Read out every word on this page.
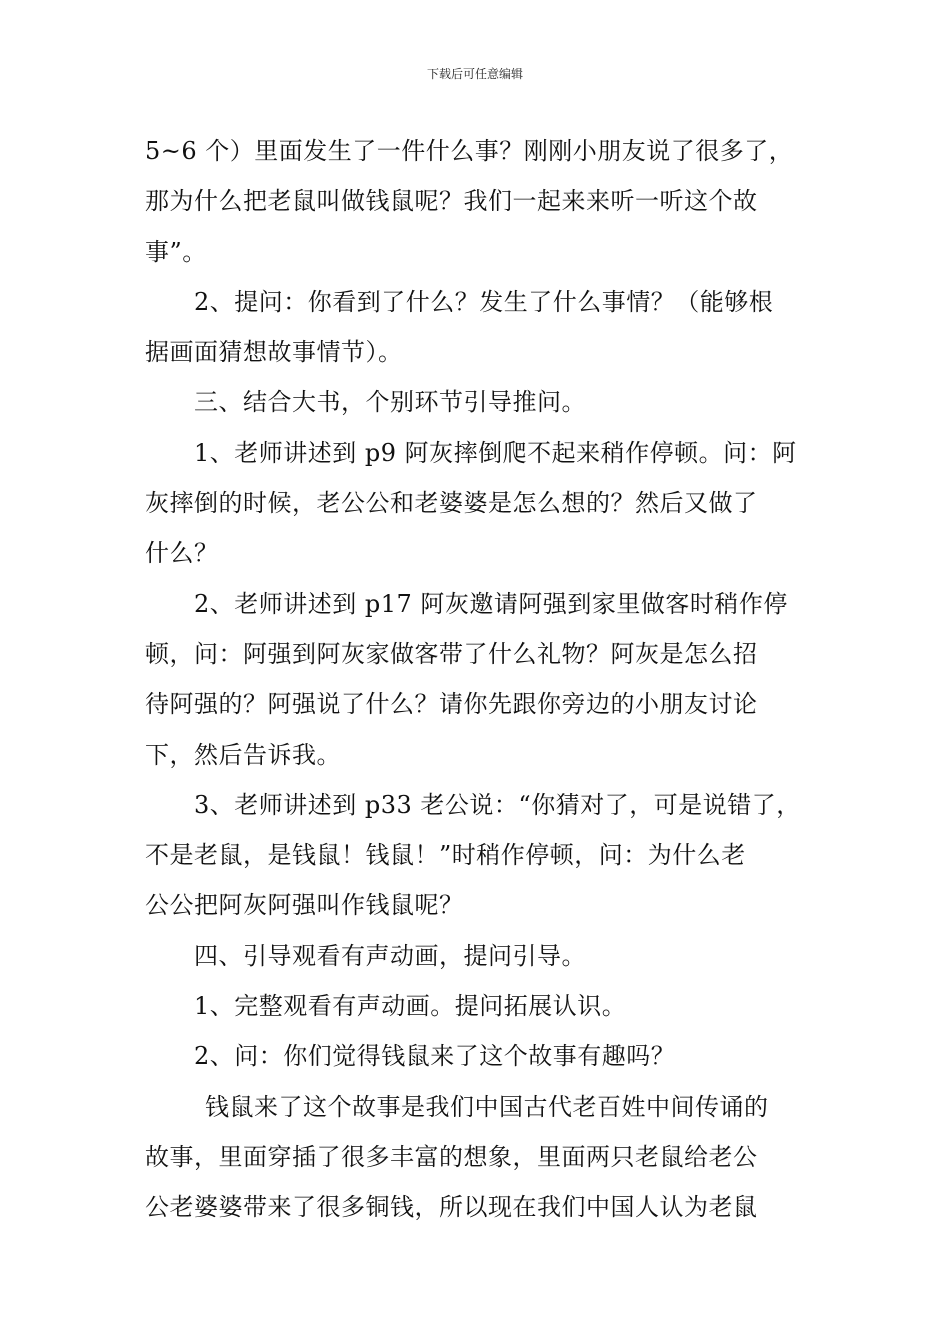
下载后可任意编辑

5~6 个）里面发生了一件什么事？刚刚小朋友说了很多了，
那为什么把老鼠叫做钱鼠呢？我们一起来来听一听这个故
事”。

2、提问：你看到了什么？发生了什么事情？（能够根
据画面猜想故事情节）。

三、结合大书，个别环节引导推问。

1、老师讲述到 p9 阿灰摔倒爬不起来稍作停顿。问：阿
灰摔倒的时候，老公公和老婆婆是怎么想的？然后又做了
什么？

2、老师讲述到 p17 阿灰邀请阿强到家里做客时稍作停
顿，问：阿强到阿灰家做客带了什么礼物？阿灰是怎么招
待阿强的？阿强说了什么？请你先跟你旁边的小朋友讨论
下，然后告诉我。

3、老师讲述到 p33 老公说：“你猜对了，可是说错了，
不是老鼠，是钱鼠！钱鼠！”时稍作停顿，问：为什么老
公公把阿灰阿强叫作钱鼠呢？

四、引导观看有声动画，提问引导。

1、完整观看有声动画。提问拓展认识。

2、问：你们觉得钱鼠来了这个故事有趣吗？

钱鼠来了这个故事是我们中国古代老百姓中间传诵的
故事，里面穿插了很多丰富的想象，里面两只老鼠给老公
公老婆婆带来了很多铜钱，所以现在我们中国人认为老鼠
